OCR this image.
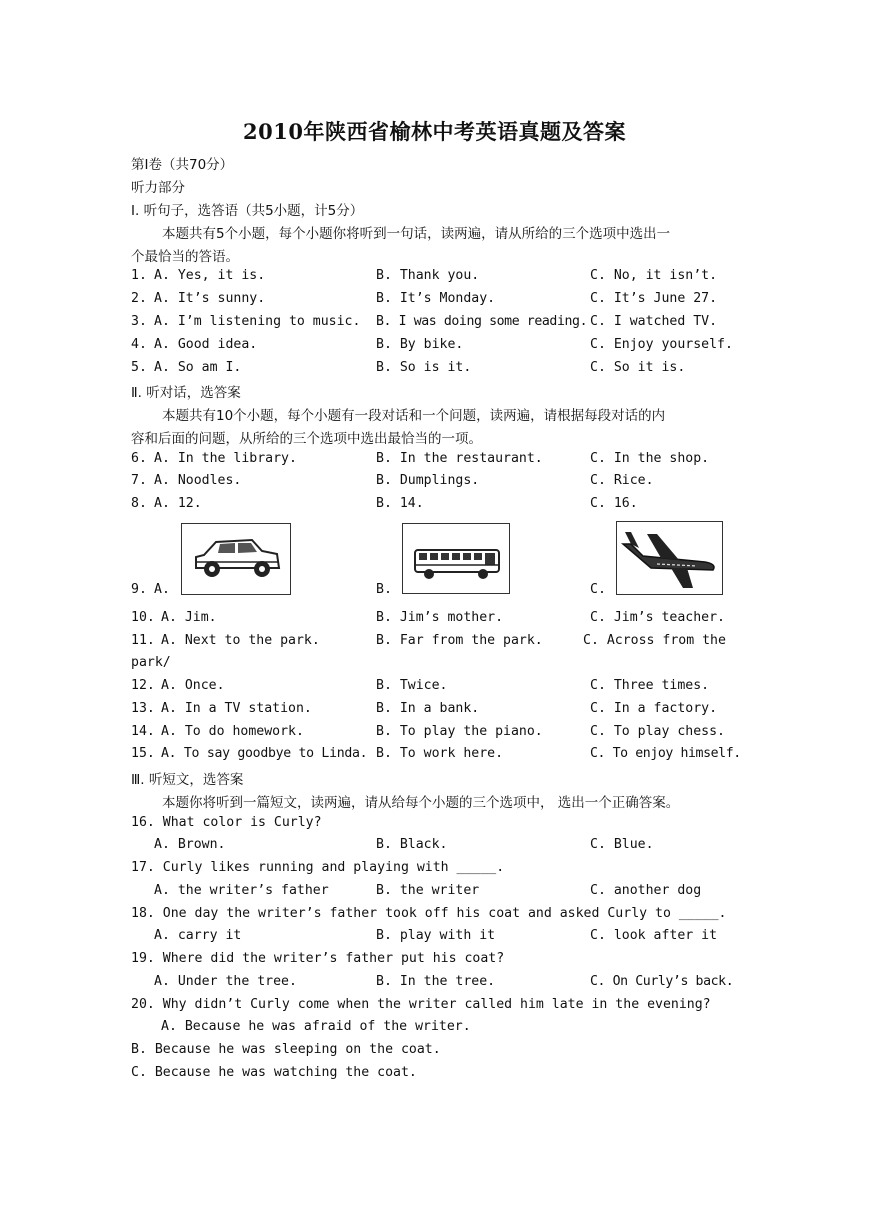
2010年陕西省榆林中考英语真题及答案
第Ⅰ卷（共70分）
听力部分
Ⅰ. 听句子，选答语（共5小题，计5分）
本题共有5个小题，每个小题你将听到一句话，读两遍，请从所给的三个选项中选出一
个最恰当的答语。
1. A. Yes, it is.	B. Thank you.	C. No, it isn’t.
2. A. It’s sunny.	B. It’s Monday.	C. It’s June 27.
3. A. I’m listening to music. B. I was doing some reading. C. I watched TV.
4. A. Good idea.	B. By bike.	C. Enjoy yourself.
5. A. So am I.	B. So is it.	C. So it is.
Ⅱ. 听对话，选答案
本题共有10个小题，每个小题有一段对话和一个问题，读两遍，请根据每段对话的内
容和后面的问题，从所给的三个选项中选出最恰当的一项。
6. A. In the library.	B. In the restaurant.	C. In the shop.
7. A. Noodles.	B. Dumplings.	C. Rice.
8. A. 12.	B. 14.	C. 16.
9. A.	B.	C.
10. A. Jim.	B. Jim’s mother.	C. Jim’s teacher.
11. A. Next to the park.	B. Far from the park.	C. Across from the
park/
12. A. Once.	B. Twice.	C. Three times.
13. A. In a TV station.	B. In a bank.	C. In a factory.
14. A. To do homework.	B. To play the piano.	C. To play chess.
15. A. To say goodbye to Linda. B. To work here.	C. To enjoy himself.
Ⅲ. 听短文，选答案
本题你将听到一篇短文，读两遍，请从给每个小题的三个选项中， 选出一个正确答案。
16. What color is Curly?
A. Brown.	B. Black.	C. Blue.
17. Curly likes running and playing with _____.
A. the writer’s father	B. the writer	C. another dog
18. One day the writer’s father took off his coat and asked Curly to _____.
A. carry it	B. play with it	C. look after it
19. Where did the writer’s father put his coat?
A. Under the tree.	B. In the tree.	C. On Curly’s back.
20. Why didn’t Curly come when the writer called him late in the evening?
A. Because he was afraid of the writer.
B. Because he was sleeping on the coat.
C. Because he was watching the coat.
